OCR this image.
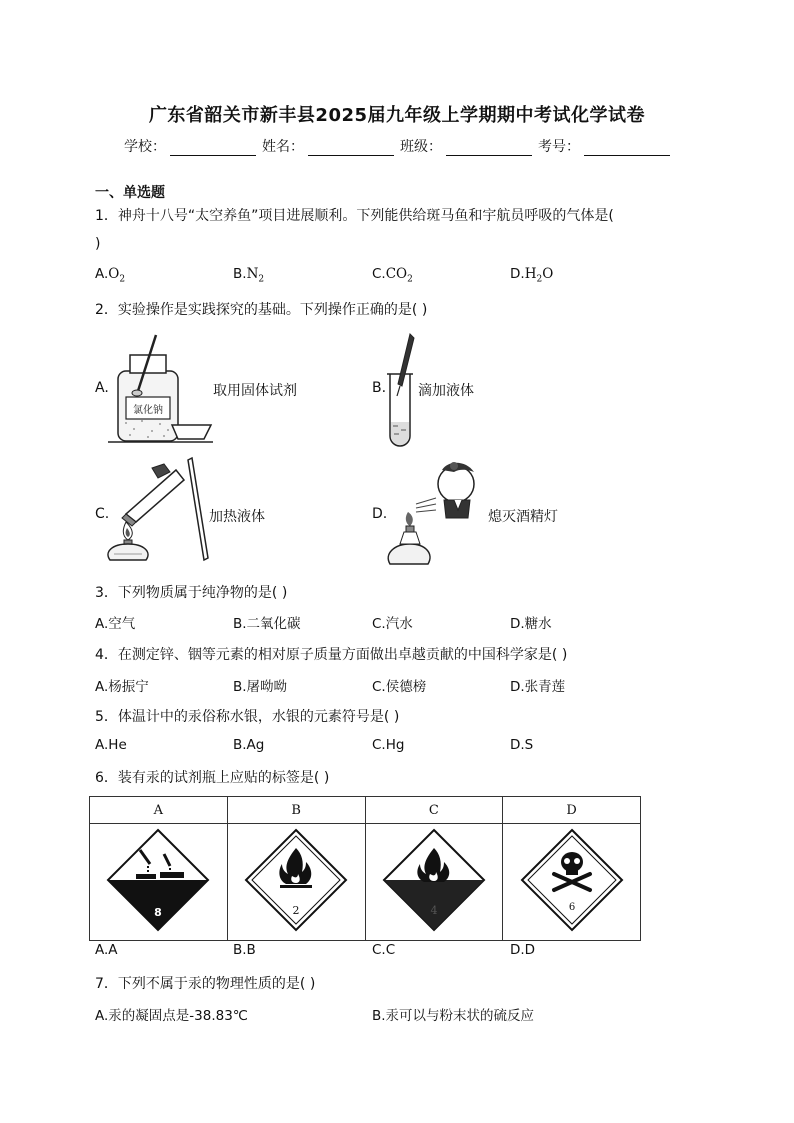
广东省韶关市新丰县2025届九年级上学期期中考试化学试卷
学校：	姓名：	班级：	考号：
一、单选题
1．神舟十八号“太空养鱼”项目进展顺利。下列能供给斑马鱼和宇航员呼吸的气体是(
)
$A.O_2$	$B.N_2$	$C.CO_2$	$D.H_2O$
2．实验操作是实践探究的基础。下列操作正确的是( )
A.
氯化钠
取用固体试剂	B. 滴加液体
C.	加热液体	D.	熄灭酒精灯
3．下列物质属于纯净物的是( )
A.空气	B.二氧化碳	C.汽水	D.糖水
4．在测定锌、铟等元素的相对原子质量方面做出卓越贡献的中国科学家是( )
A.杨振宁	B.屠呦呦	C.侯德榜	D.张青莲
5．体温计中的汞俗称水银，水银的元素符号是( )
A.He	B.Ag	C.Hg	D.S
6．装有汞的试剂瓶上应贴的标签是( )
A	B	C	D

8	2	4	6
A.A	B.B	C.C	D.D
7．下列不属于汞的物理性质的是( )
A.汞的凝固点是-38.83℃	B.汞可以与粉末状的硫反应
